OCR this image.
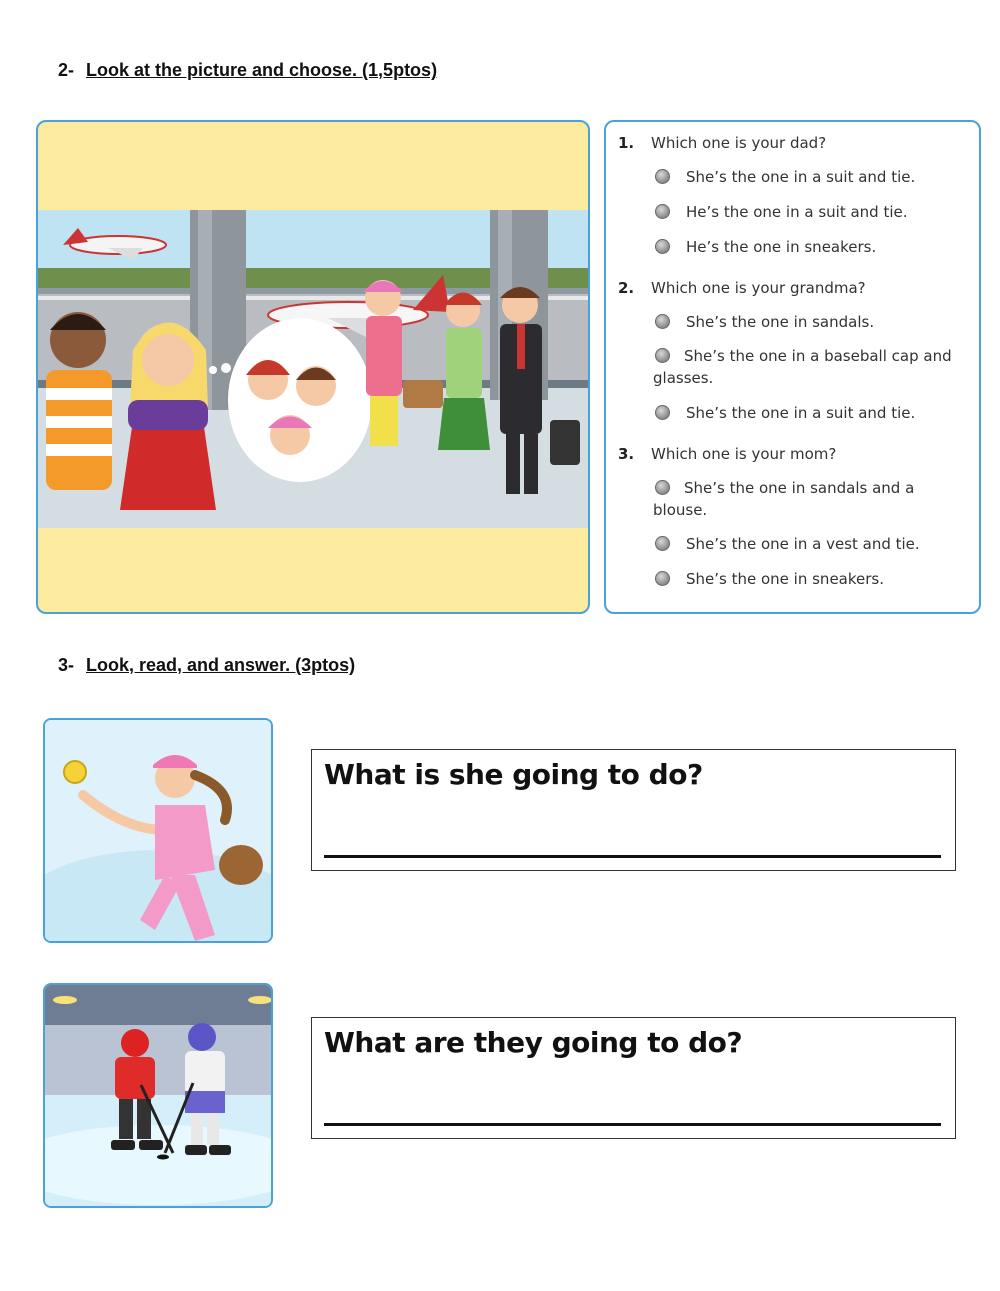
2- Look at the picture and choose. (1,5ptos)
1. Which one is your dad?
She’s the one in a suit and tie.
He’s the one in a suit and tie.
He’s the one in sneakers.
2. Which one is your grandma?
She’s the one in sandals.
She’s the one in a baseball cap and glasses.
She’s the one in a suit and tie.
3. Which one is your mom?
She’s the one in sandals and a blouse.
She’s the one in a vest and tie.
She’s the one in sneakers.
3- Look, read, and answer. (3ptos)
What is she going to do?
What are they going to do?
